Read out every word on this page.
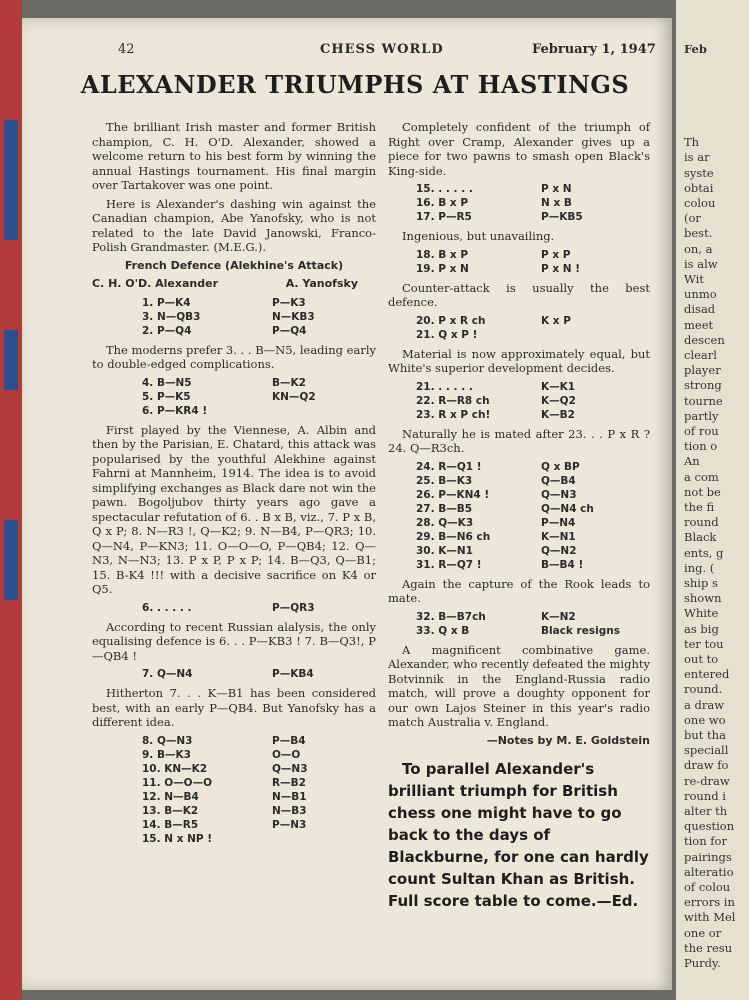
42	CHESS WORLD	February 1, 1947
ALEXANDER TRIUMPHS AT HASTINGS

The brilliant Irish master and former British champion, C. H. O'D. Alexander, showed a welcome return to his best form by winning the annual Hastings tournament. His final margin over Tartakover was one point.

Here is Alexander's dashing win against the Canadian champion, Abe Yanofsky, who is not related to the late David Janowski, Franco-Polish Grandmaster. (M.E.G.).

French Defence (Alekhine's Attack)
C. H. O'D. Alexander	A. Yanofsky
1. P—K4	P—K3
3. N—QB3	N—KB3
2. P—Q4	P—Q4

The moderns prefer 3. . . B—N5, leading early to double-edged complications.

4. B—N5	B—K2
5. P—K5	KN—Q2
6. P—KR4 !

First played by the Viennese, A. Albin and then by the Parisian, E. Chatard, this attack was popularised by the youthful Alekhine against Fahrni at Mannheim, 1914. The idea is to avoid simplifying exchanges as Black dare not win the pawn. Bogoljubov thirty years ago gave a spectacular refutation of 6. . B x B, viz., 7. P x B, Q x P; 8. N—R3 !, Q—K2; 9. N—B4, P—QR3; 10. Q—N4, P—KN3; 11. O—O—O, P—QB4; 12. Q—N3, N—N3; 13. P x P, P x P; 14. B—Q3, Q—B1; 15. B-K4 !!! with a decisive sacrifice on K4 or Q5.

6. . . . . .	P—QR3

According to recent Russian alalysis, the only equalising defence is 6. . . P—KB3 ! 7. B—Q3!, P—QB4 !

7. Q—N4	P—KB4

Hitherton 7. . . K—B1 has been considered best, with an early P—QB4. But Yanofsky has a different idea.

8. Q—N3	P—B4
9. B—K3	O—O
10. KN—K2	Q—N3
11. O—O—O	R—B2
12. N—B4	N—B1
13. B—K2	N—B3
14. B—R5	P—N3
15. N x NP !

Completely confident of the triumph of Right over Cramp, Alexander gives up a piece for two pawns to smash open Black's King-side.

15. . . . . .	P x N
16. B x P	N x B
17. P—R5	P—KB5

Ingenious, but unavailing.

18. B x P	P x P
19. P x N	P x N !

Counter-attack is usually the best defence.

20. P x R ch	K x P
21. Q x P !

Material is now approximately equal, but White's superior development decides.

21. . . . . .	K—K1
22. R—R8 ch	K—Q2
23. R x P ch!	K—B2

Naturally he is mated after 23. . . P x R ? 24. Q—R3ch.

24. R—Q1 !	Q x BP
25. B—K3	Q—B4
26. P—KN4 !	Q—N3
27. B—B5	Q—N4 ch
28. Q—K3	P—N4
29. B—N6 ch	K—N1
30. K—N1	Q—N2
31. R—Q7 !	B—B4 !

Again the capture of the Rook leads to mate.

32. B—B7ch	K—N2
33. Q x B	Black resigns

A magnificent combinative game. Alexander, who recently defeated the mighty Botvinnik in the England-Russia radio match, will prove a doughty opponent for our own Lajos Steiner in this year's radio match Australia v. England.

—Notes by M. E. Goldstein
To parallel Alexander's brilliant triumph for British chess one might have to go back to the days of Blackburne, for one can hardly count Sultan Khan as British. Full score table to come.—Ed.
Feb
Th
is ar
syste
obtai
colou
(or
best.
on, a
is alw
Wit
unmo
disad
meet
descen
clearl
player
strong
tourne
partly
of rou
tion o
An
a com
not be
the fi
round
Black
ents, g
ing. (
ship s
shown
White
as big
ter tou
out to
entered
round.
a draw
one wo
but tha
speciall
draw fo
re-draw
round i
alter th
question
tion for
pairings
alteratio
of colou
errors in
with Mel
one or
the resu
Purdy.
